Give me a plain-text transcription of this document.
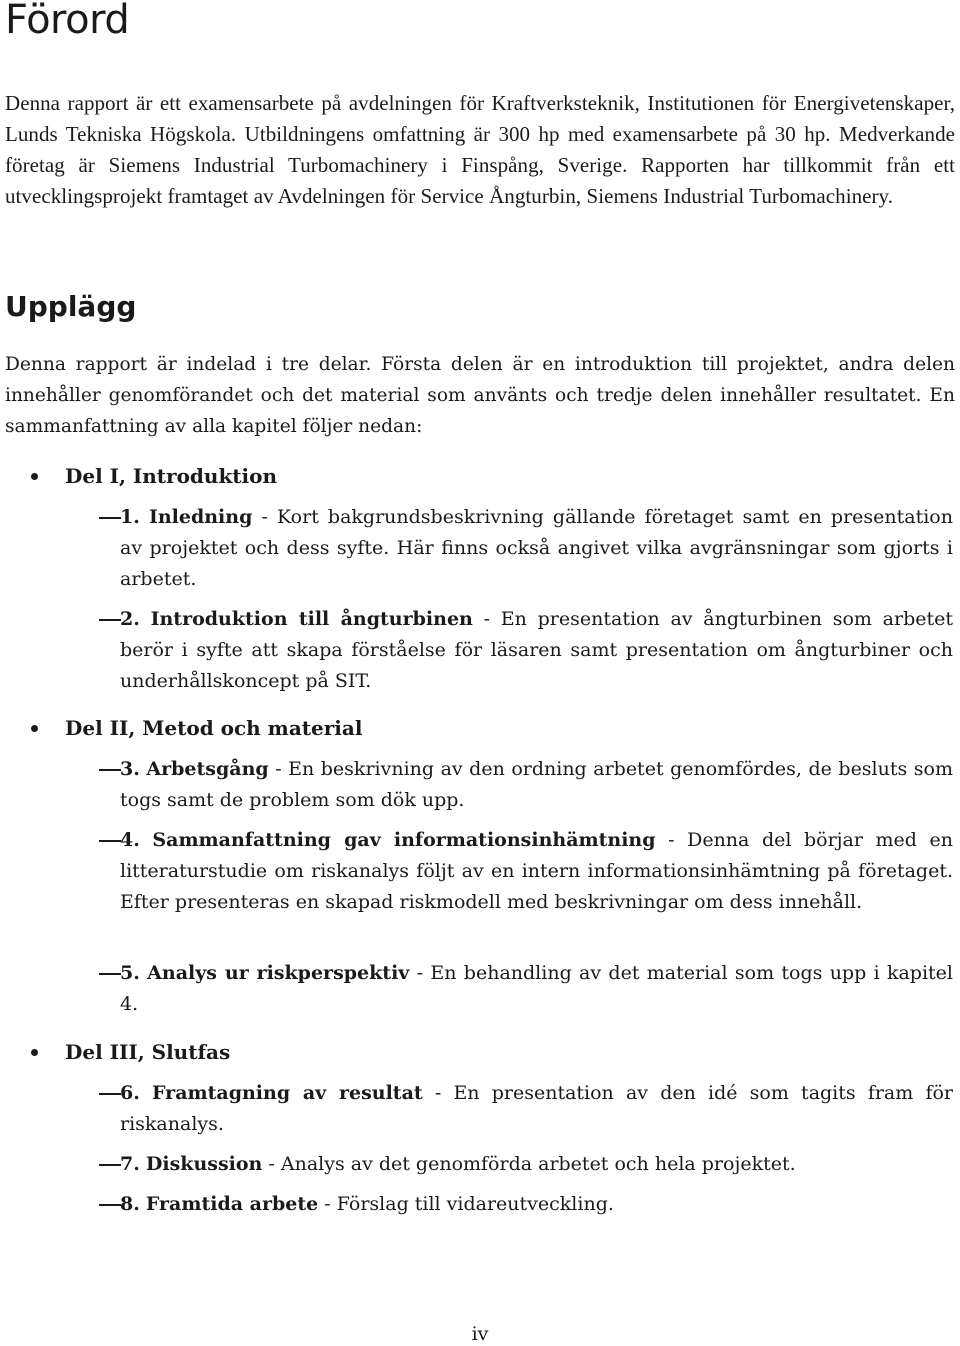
Förord

Denna rapport är ett examensarbete på avdelningen för Kraftverksteknik, Institutionen för Energivetenskaper, Lunds Tekniska Högskola. Utbildningens omfattning är 300 hp med examensarbete på 30 hp. Medverkande företag är Siemens Industrial Turbomachinery i Finspång, Sverige. Rapporten har tillkommit från ett utvecklingsprojekt framtaget av Avdelningen för Service Ångturbin, Siemens Industrial Turbomachinery.

Upplägg

Denna rapport är indelad i tre delar. Första delen är en introduktion till projektet, andra delen innehåller genomförandet och det material som använts och tredje delen innehåller resultatet. En sammanfattning av alla kapitel följer nedan:

Del I, Introduktion

1. Inledning - Kort bakgrundsbeskrivning gällande företaget samt en presentation av projektet och dess syfte. Här finns också angivet vilka avgränsningar som gjorts i arbetet.

2. Introduktion till ångturbinen - En presentation av ångturbinen som arbetet berör i syfte att skapa förståelse för läsaren samt presentation om ångturbiner och underhållskoncept på SIT.

Del II, Metod och material

3. Arbetsgång - En beskrivning av den ordning arbetet genomfördes, de besluts som togs samt de problem som dök upp.

4. Sammanfattning gav informationsinhämtning - Denna del börjar med en litteraturstudie om riskanalys följt av en intern informationsinhämtning på företaget. Efter presenteras en skapad riskmodell med beskrivningar om dess innehåll.

5. Analys ur riskperspektiv - En behandling av det material som togs upp i kapitel 4.

Del III, Slutfas

6. Framtagning av resultat - En presentation av den idé som tagits fram för riskanalys.

7. Diskussion - Analys av det genomförda arbetet och hela projektet.

8. Framtida arbete - Förslag till vidareutveckling.

iv
